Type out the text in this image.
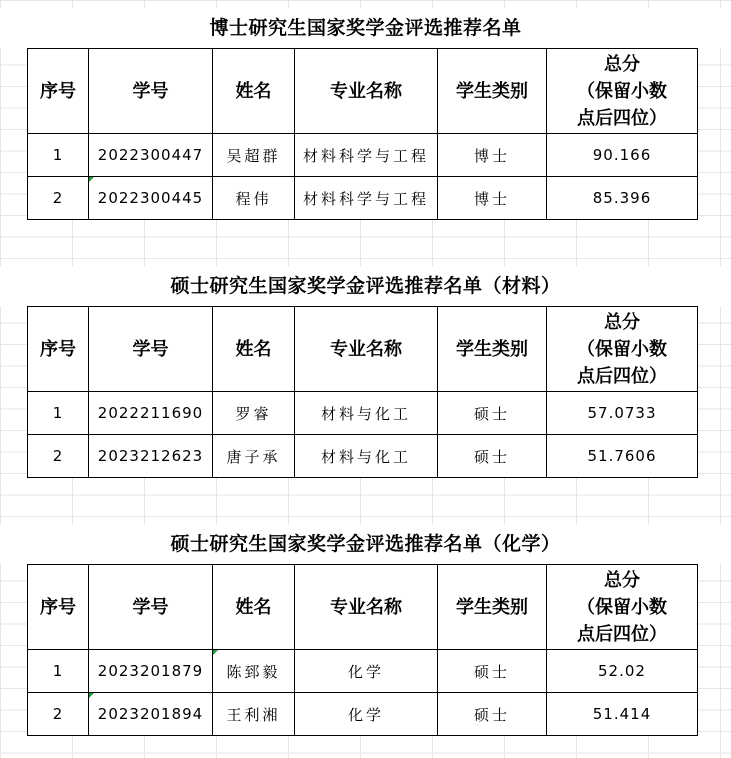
博士研究生国家奖学金评选推荐名单
序号	学号	姓名	专业名称	学生类别	总分
（保留小数
点后四位）
1	2022300447	吴超群	材料科学与工程	博士	90.166
2	2022300445	程伟	材料科学与工程	博士	85.396
硕士研究生国家奖学金评选推荐名单（材料）
序号	学号	姓名	专业名称	学生类别	总分
（保留小数
点后四位）
1	2022211690	罗睿	材料与化工	硕士	57.0733
2	2023212623	唐子承	材料与化工	硕士	51.7606
硕士研究生国家奖学金评选推荐名单（化学）
序号	学号	姓名	专业名称	学生类别	总分
（保留小数
点后四位）
1	2023201879	陈郅毅	化学	硕士	52.02
2	2023201894	王利湘	化学	硕士	51.414
